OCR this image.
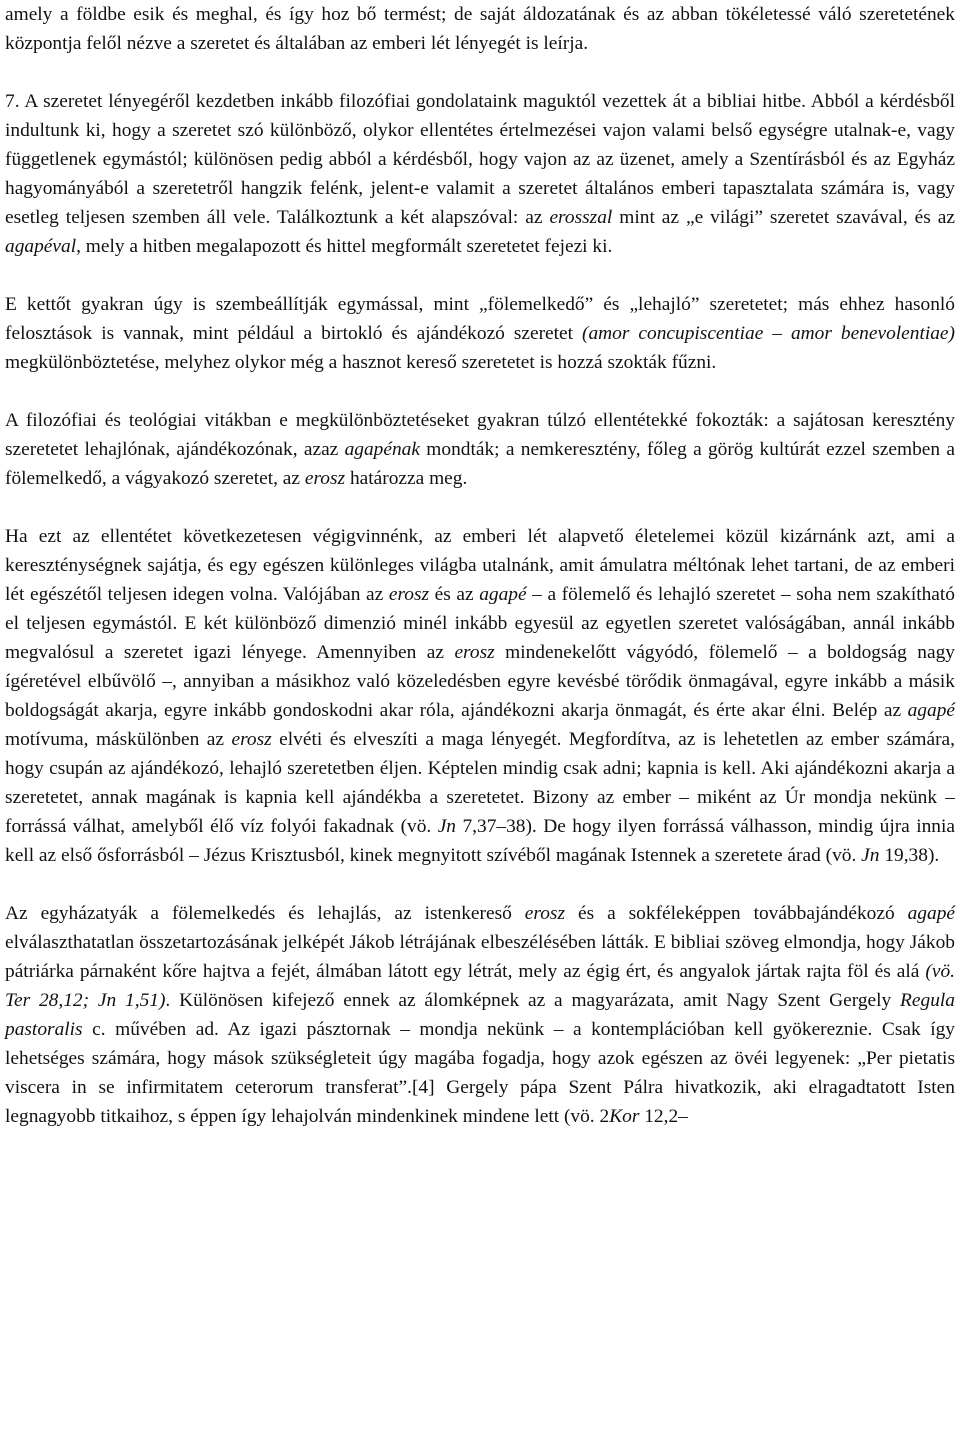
amely a földbe esik és meghal, és így hoz bő termést; de saját áldozatának és az abban tökéletessé váló szeretetének központja felől nézve a szeretet és általában az emberi lét lényegét is leírja.

7. A szeretet lényegéről kezdetben inkább filozófiai gondolataink maguktól vezettek át a bibliai hitbe. Abból a kérdésből indultunk ki, hogy a szeretet szó különböző, olykor ellentétes értelmezései vajon valami belső egységre utalnak-e, vagy függetlenek egymástól; különösen pedig abból a kérdésből, hogy vajon az az üzenet, amely a Szentírásból és az Egyház hagyományából a szeretetről hangzik felénk, jelent-e valamit a szeretet általános emberi tapasztalata számára is, vagy esetleg teljesen szemben áll vele. Találkoztunk a két alapszóval: az erosszal mint az „e világi” szeretet szavával, és az agapéval, mely a hitben megalapozott és hittel megformált szeretetet fejezi ki.

E kettőt gyakran úgy is szembeállítják egymással, mint „fölemelkedő” és „lehajló” szeretetet; más ehhez hasonló felosztások is vannak, mint például a birtokló és ajándékozó szeretet (amor concupiscentiae – amor benevolentiae) megkülönböztetése, melyhez olykor még a hasznot kereső szeretetet is hozzá szokták fűzni.

A filozófiai és teológiai vitákban e megkülönböztetéseket gyakran túlzó ellentétekké fokozták: a sajátosan keresztény szeretetet lehajlónak, ajándékozónak, azaz agapénak mondták; a nemkeresztény, főleg a görög kultúrát ezzel szemben a fölemelkedő, a vágyakozó szeretet, az erosz határozza meg.

Ha ezt az ellentétet következetesen végigvinnénk, az emberi lét alapvető életelemei közül kizárnánk azt, ami a kereszténységnek sajátja, és egy egészen különleges világba utalnánk, amit ámulatra méltónak lehet tartani, de az emberi lét egészétől teljesen idegen volna. Valójában az erosz és az agapé – a fölemelő és lehajló szeretet – soha nem szakítható el teljesen egymástól. E két különböző dimenzió minél inkább egyesül az egyetlen szeretet valóságában, annál inkább megvalósul a szeretet igazi lényege. Amennyiben az erosz mindenekelőtt vágyódó, fölemelő – a boldogság nagy ígéretével elbűvölő –, annyiban a másikhoz való közeledésben egyre kevésbé törődik önmagával, egyre inkább a másik boldogságát akarja, egyre inkább gondoskodni akar róla, ajándékozni akarja önmagát, és érte akar élni. Belép az agapé motívuma, máskülönben az erosz elvéti és elveszíti a maga lényegét. Megfordítva, az is lehetetlen az ember számára, hogy csupán az ajándékozó, lehajló szeretetben éljen. Képtelen mindig csak adni; kapnia is kell. Aki ajándékozni akarja a szeretetet, annak magának is kapnia kell ajándékba a szeretetet. Bizony az ember – miként az Úr mondja nekünk – forrássá válhat, amelyből élő víz folyói fakadnak (vö. Jn 7,37–38). De hogy ilyen forrássá válhasson, mindig újra innia kell az első ősforrásból – Jézus Krisztusból, kinek megnyitott szívéből magának Istennek a szeretete árad (vö. Jn 19,38).

Az egyházatyák a fölemelkedés és lehajlás, az istenkereső erosz és a sokféleképpen továbbajándékozó agapé elválaszthatatlan összetartozásának jelképét Jákob létrájának elbeszélésében látták. E bibliai szöveg elmondja, hogy Jákob pátriárka párnaként kőre hajtva a fejét, álmában látott egy létrát, mely az égig ért, és angyalok jártak rajta föl és alá (vö. Ter 28,12; Jn 1,51). Különösen kifejező ennek az álomképnek az a magyarázata, amit Nagy Szent Gergely Regula pastoralis c. művében ad. Az igazi pásztornak – mondja nekünk – a kontemplációban kell gyökereznie. Csak így lehetséges számára, hogy mások szükségleteit úgy magába fogadja, hogy azok egészen az övéi legyenek: „Per pietatis viscera in se infirmitatem ceterorum transferat”.[4] Gergely pápa Szent Pálra hivatkozik, aki elragadtatott Isten legnagyobb titkaihoz, s éppen így lehajolván mindenkinek mindene lett (vö. 2Kor 12,2–
